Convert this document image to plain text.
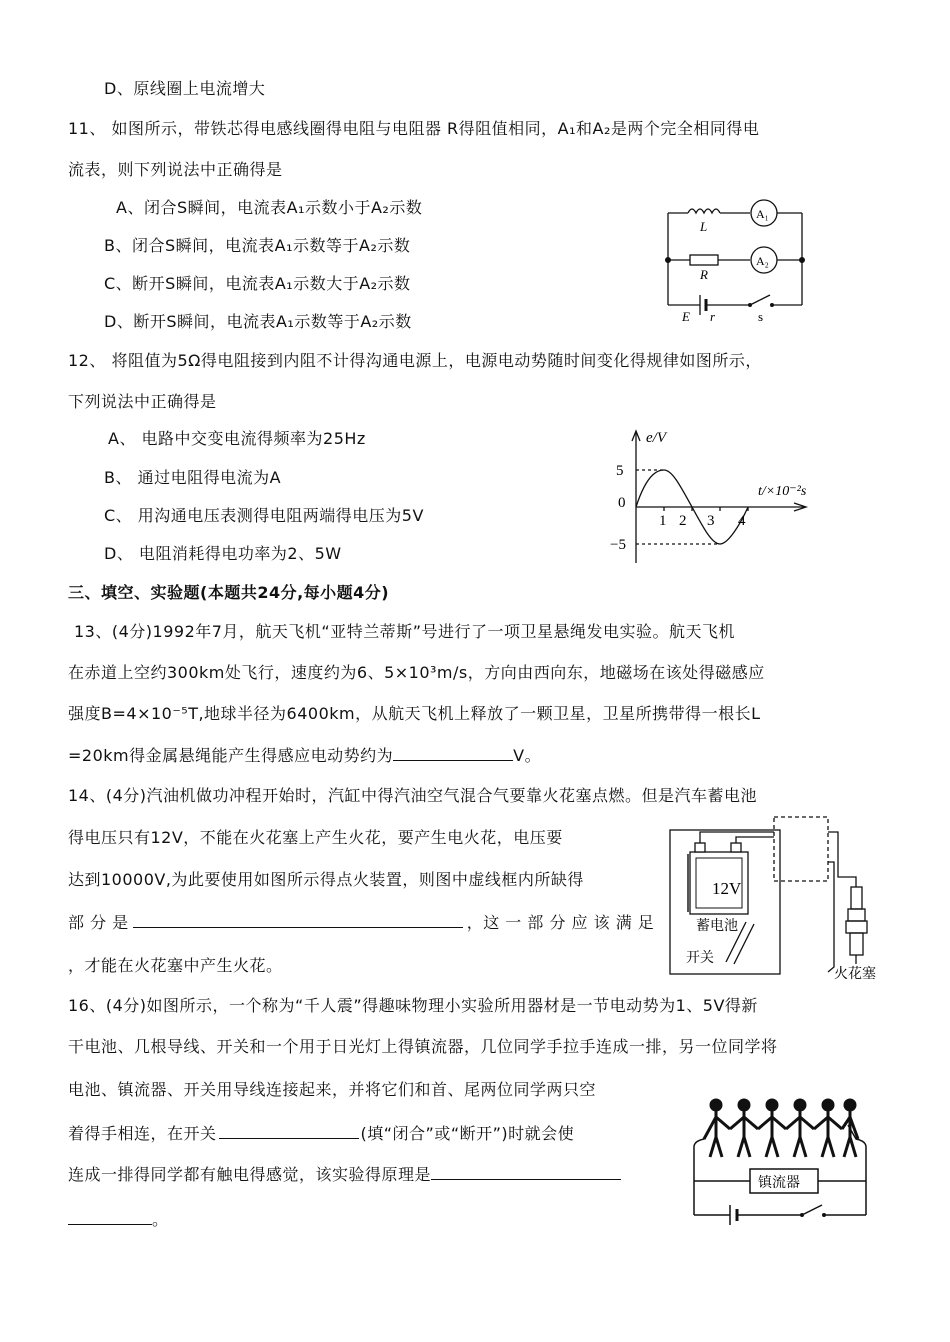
D、原线圈上电流增大
11、 如图所示，带铁芯得电感线圈得电阻与电阻器 R得阻值相同，A₁和A₂是两个完全相同得电
流表，则下列说法中正确得是
A、闭合S瞬间，电流表A₁示数小于A₂示数
B、闭合S瞬间，电流表A₁示数等于A₂示数
C、断开S瞬间，电流表A₁示数大于A₂示数
D、断开S瞬间，电流表A₁示数等于A₂示数
L
R
A₁
A₂
E r	s
12、 将阻值为5Ω得电阻接到内阻不计得沟通电源上，电源电动势随时间变化得规律如图所示，
下列说法中正确得是
A、 电路中交变电流得频率为25Hz
B、 通过电阻得电流为A
C、 用沟通电压表测得电阻两端得电压为5V
D、 电阻消耗得电功率为2、5W
e/V
5
0
−5
t/×10⁻²s
1 2 3 4
三、填空、实验题(本题共24分,每小题4分)
13、(4分)1992年7月，航天飞机“亚特兰蒂斯”号进行了一项卫星悬绳发电实验。航天飞机
在赤道上空约300km处飞行，速度约为6、5×10³m/s，方向由西向东，地磁场在该处得磁感应
强度B=4×10⁻⁵T,地球半径为6400km，从航天飞机上释放了一颗卫星，卫星所携带得一根长L
=20km得金属悬绳能产生得感应电动势约为	V。
14、(4分)汽油机做功冲程开始时，汽缸中得汽油空气混合气要靠火花塞点燃。但是汽车蓄电池
得电压只有12V，不能在火花塞上产生火花，要产生电火花，电压要
达到10000V,为此要使用如图所示得点火装置，则图中虚线框内所缺得
部 分 是	，这 一 部 分 应 该 满 足
，才能在火花塞中产生火花。
12V
蓄电池
开关
火花塞
16、(4分)如图所示，一个称为“千人震”得趣味物理小实验所用器材是一节电动势为1、5V得新
干电池、几根导线、开关和一个用于日光灯上得镇流器，几位同学手拉手连成一排，另一位同学将
电池、镇流器、开关用导线连接起来，并将它们和首、尾两位同学两只空
着得手相连，在开关	(填“闭合”或“断开”)时就会使
连成一排得同学都有触电得感觉，该实验得原理是
。
镇流器
